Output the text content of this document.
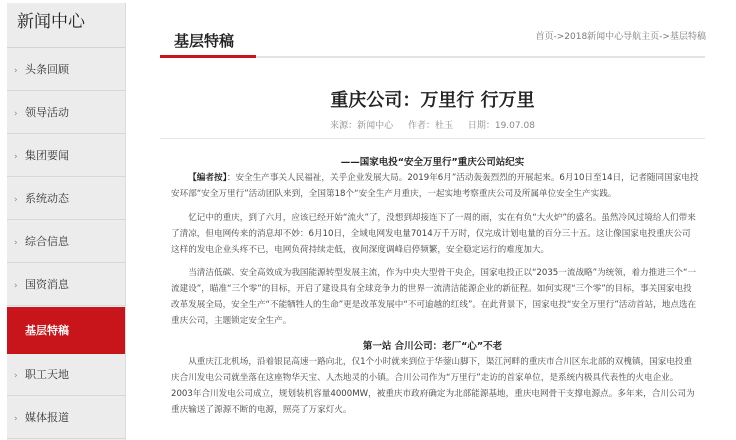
新闻中心
› 头条回顾
› 领导活动
› 集团要闻
› 系统动态
› 综合信息
› 国资消息
基层特稿
› 职工天地
› 媒体报道
基层特稿	首页->2018新闻中心导航主页->基层特稿
重庆公司：万里行 行万里
来源：新闻中心 作者：杜玉 日期：19.07.08
——国家电投“安全万里行”重庆公司站纪实

【编者按】：安全生产事关人民福祉，关乎企业发展大局。2019年6月”活动轰轰烈烈的开展起来。6月10日至14日，记者随同国家电投安环部“安全万里行”活动团队来到，全国第18个“安全生产月重庆，一起实地考察重庆公司及所属单位安全生产实践。

忆记中的重庆，到了六月，应该已经开始“流火”了，没想到却接连下了一周的雨，实在有负“大火炉”的盛名。虽然冷风过境给人们带来了清凉，但电网传来的消息却不妙：6月10日，全域电网发电量7014万千万时，仅完成计划电量的百分三十五。这让像国家电投重庆公司这样的发电企业头疼不已，电网负荷持续走低，夜间深度调峰启停频繁，安全稳定运行的难度加大。

当清洁低碳、安全高效成为我国能源转型发展主流，作为中央大型骨干央企，国家电投正以“2035一流战略”为统领，着力推进三个“一流建设”，瞄准“三个零”的目标，开启了建设具有全球竞争力的世界一流清洁能源企业的新征程。如何实现“三个零”的目标，事关国家电投改革发展全局，安全生产“不能牺牲人的生命”更是改革发展中“不可逾越的红线”。在此背景下，国家电投“安全万里行”活动首站，地点选在重庆公司，主题锁定安全生产。

第一站 合川公司：老厂“心”不老

从重庆江北机场，沿着银昆高速一路向北，仅1个小时就来到位于华蓥山脚下，渠江河畔的重庆市合川区东北部的双槐镇，国家电投重庆合川发电公司就坐落在这座物华天宝、人杰地灵的小镇。合川公司作为“万里行”走访的首家单位，是系统内极具代表性的火电企业。2003年合川发电公司成立，规划装机容量4000MW，被重庆市政府确定为北部能源基地，重庆电网骨干支撑电源点。多年来，合川公司为重庆输送了源源不断的电源，照亮了万家灯火。
